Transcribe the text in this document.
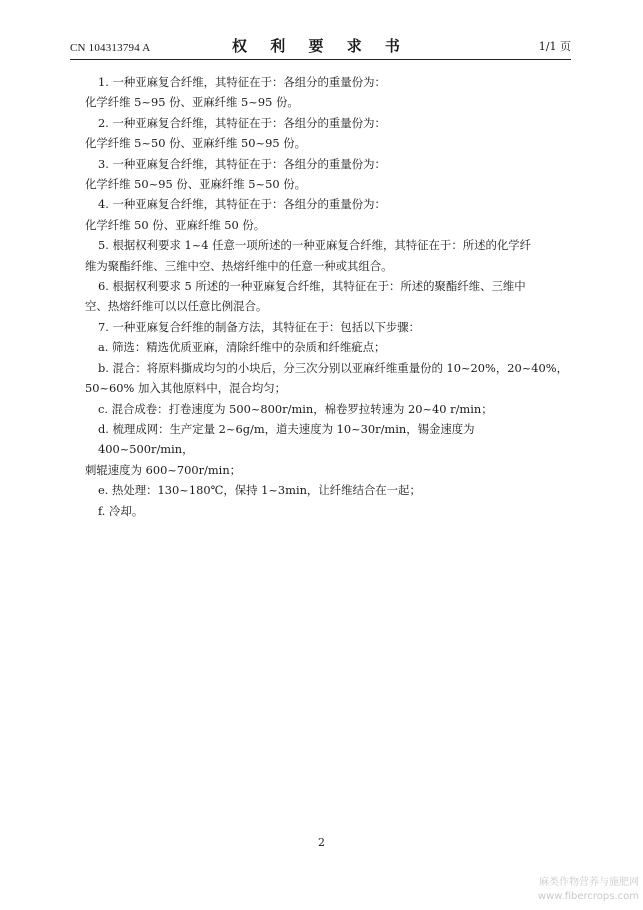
CN 104313794 A	权 利 要 求 书	1/1 页

1. 一种亚麻复合纤维，其特征在于：各组分的重量份为：

化学纤维 5~95 份、亚麻纤维 5~95 份。

2. 一种亚麻复合纤维，其特征在于：各组分的重量份为：

化学纤维 5~50 份、亚麻纤维 50~95 份。

3. 一种亚麻复合纤维，其特征在于：各组分的重量份为：

化学纤维 50~95 份、亚麻纤维 5~50 份。

4. 一种亚麻复合纤维，其特征在于：各组分的重量份为：

化学纤维 50 份、亚麻纤维 50 份。

5. 根据权利要求 1~4 任意一项所述的一种亚麻复合纤维，其特征在于：所述的化学纤

维为聚酯纤维、三维中空、热熔纤维中的任意一种或其组合。

6. 根据权利要求 5 所述的一种亚麻复合纤维，其特征在于：所述的聚酯纤维、三维中

空、热熔纤维可以以任意比例混合。

7. 一种亚麻复合纤维的制备方法，其特征在于：包括以下步骤：

a. 筛选：精选优质亚麻，清除纤维中的杂质和纤维疵点；

b. 混合：将原料撕成均匀的小块后，分三次分别以亚麻纤维重量份的 10~20%，20~40%，

50~60% 加入其他原料中，混合均匀；

c. 混合成卷：打卷速度为 500~800r/min，棉卷罗拉转速为 20~40 r/min；

d. 梳理成网：生产定量 2~6g/m，道夫速度为 10~30r/min，锡金速度为 400~500r/min，

刺辊速度为 600~700r/min；

e. 热处理：130~180℃，保持 1~3min，让纤维结合在一起；

f. 冷却。

2
麻类作物营养与施肥网
www.fibercrops.com
